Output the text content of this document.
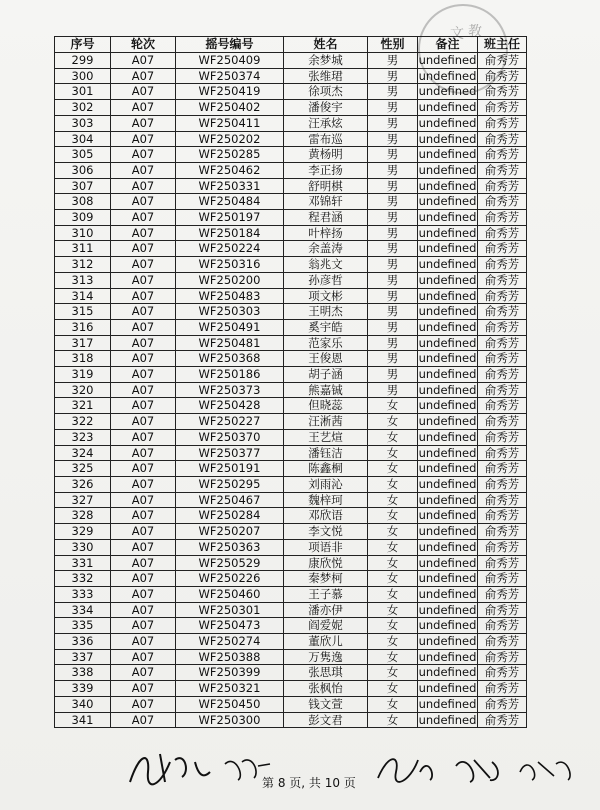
文 教
序号	轮次	摇号编号	姓名	性别	备注	班主任
299	A07	WF250409	余梦城	男	undefined	俞秀芳
300	A07	WF250374	张维珺	男	undefined	俞秀芳
301	A07	WF250419	徐项杰	男	undefined	俞秀芳
302	A07	WF250402	潘俊宇	男	undefined	俞秀芳
303	A07	WF250411	汪承炫	男	undefined	俞秀芳
304	A07	WF250202	雷布巡	男	undefined	俞秀芳
305	A07	WF250285	黄杨明	男	undefined	俞秀芳
306	A07	WF250462	李正扬	男	undefined	俞秀芳
307	A07	WF250331	舒明棋	男	undefined	俞秀芳
308	A07	WF250484	邓锦轩	男	undefined	俞秀芳
309	A07	WF250197	程君涵	男	undefined	俞秀芳
310	A07	WF250184	叶梓扬	男	undefined	俞秀芳
311	A07	WF250224	余盖涛	男	undefined	俞秀芳
312	A07	WF250316	翁兆文	男	undefined	俞秀芳
313	A07	WF250200	孙彦哲	男	undefined	俞秀芳
314	A07	WF250483	项文彬	男	undefined	俞秀芳
315	A07	WF250303	王明杰	男	undefined	俞秀芳
316	A07	WF250491	奚宇皓	男	undefined	俞秀芳
317	A07	WF250481	范家乐	男	undefined	俞秀芳
318	A07	WF250368	王俊恩	男	undefined	俞秀芳
319	A07	WF250186	胡子涵	男	undefined	俞秀芳
320	A07	WF250373	熊嘉铖	男	undefined	俞秀芳
321	A07	WF250428	但晓蕊	女	undefined	俞秀芳
322	A07	WF250227	汪淅茜	女	undefined	俞秀芳
323	A07	WF250370	王艺煊	女	undefined	俞秀芳
324	A07	WF250377	潘钰洁	女	undefined	俞秀芳
325	A07	WF250191	陈鑫桐	女	undefined	俞秀芳
326	A07	WF250295	刘雨沁	女	undefined	俞秀芳
327	A07	WF250467	魏梓珂	女	undefined	俞秀芳
328	A07	WF250284	邓欣语	女	undefined	俞秀芳
329	A07	WF250207	李文悦	女	undefined	俞秀芳
330	A07	WF250363	项语非	女	undefined	俞秀芳
331	A07	WF250529	康欣悦	女	undefined	俞秀芳
332	A07	WF250226	秦梦柯	女	undefined	俞秀芳
333	A07	WF250460	王子慕	女	undefined	俞秀芳
334	A07	WF250301	潘亦伊	女	undefined	俞秀芳
335	A07	WF250473	阎爱妮	女	undefined	俞秀芳
336	A07	WF250274	董欣儿	女	undefined	俞秀芳
337	A07	WF250388	万隽逸	女	undefined	俞秀芳
338	A07	WF250399	张思琪	女	undefined	俞秀芳
339	A07	WF250321	张枫怡	女	undefined	俞秀芳
340	A07	WF250450	钱文萱	女	undefined	俞秀芳
341	A07	WF250300	彭文君	女	undefined	俞秀芳
第 8 页, 共 10 页
